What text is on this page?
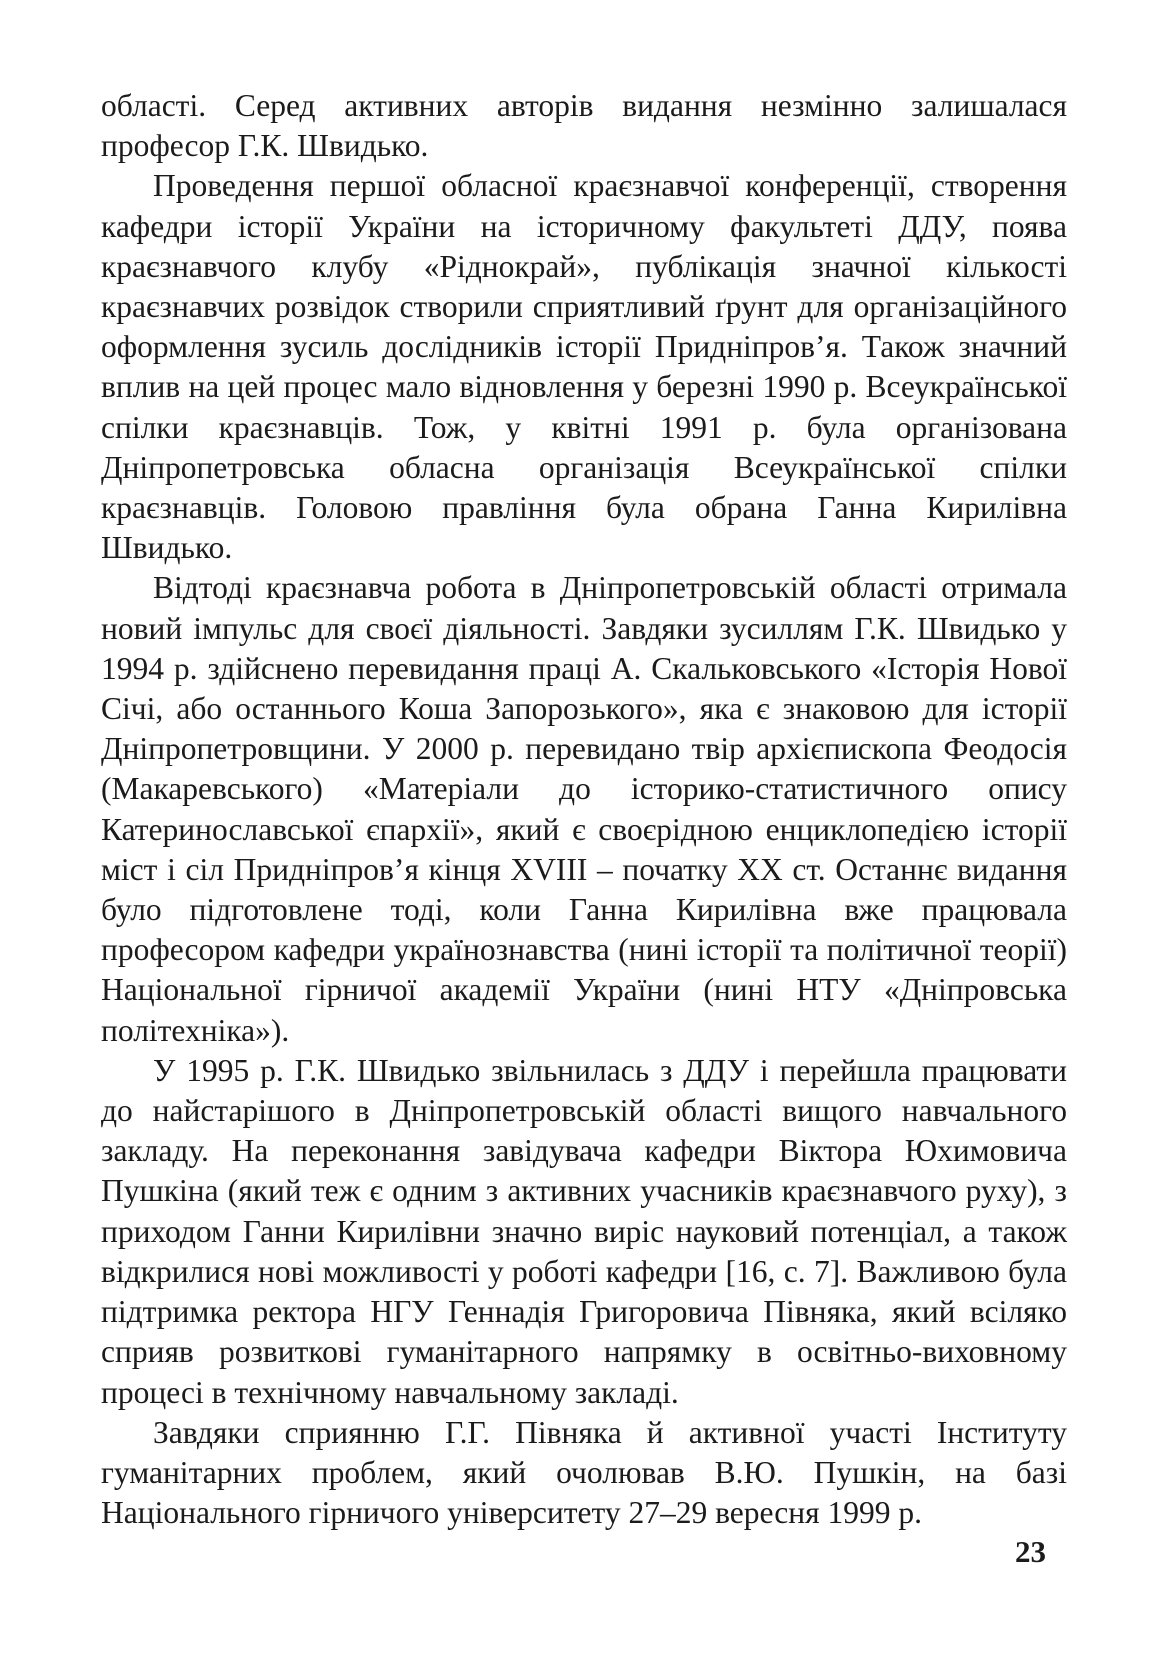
області. Серед активних авторів видання незмінно залишалася професор Г.К. Швидько.

Проведення першої обласної краєзнавчої конференції, створення кафедри історії України на історичному факультеті ДДУ, поява краєзнавчого клубу «Ріднокрай», публікація значної кількості краєзнавчих розвідок створили сприятливий ґрунт для організаційного оформлення зусиль дослідників історії Придніпров’я. Також значний вплив на цей процес мало відновлення у березні 1990 р. Всеукраїнської спілки краєзнавців. Тож, у квітні 1991 р. була організована Дніпропетровська обласна організація Всеукраїнської спілки краєзнавців. Головою правління була обрана Ганна Кирилівна Швидько.

Відтоді краєзнавча робота в Дніпропетровській області отримала новий імпульс для своєї діяльності. Завдяки зусиллям Г.К. Швидько у 1994 р. здійснено перевидання праці А. Скальковського «Історія Нової Січі, або останнього Коша Запорозького», яка є знаковою для історії Дніпропетровщини. У 2000 р. перевидано твір архієпископа Феодосія (Макаревського) «Матеріали до історико-статистичного опису Катеринославської єпархії», який є своєрідною енциклопедією історії міст і сіл Придніпров’я кінця XVIII – початку XX ст. Останнє видання було підготовлене тоді, коли Ганна Кирилівна вже працювала професором кафедри українознавства (нині історії та політичної теорії) Національної гірничої академії України (нині НТУ «Дніпровська політехніка»).

У 1995 р. Г.К. Швидько звільнилась з ДДУ і перейшла працювати до найстарішого в Дніпропетровській області вищого навчального закладу. На переконання завідувача кафедри Віктора Юхимовича Пушкіна (який теж є одним з активних учасників краєзнавчого руху), з приходом Ганни Кирилівни значно виріс науковий потенціал, а також відкрилися нові можливості у роботі кафедри [16, с. 7]. Важливою була підтримка ректора НГУ Геннадія Григоровича Півняка, який всіляко сприяв розвиткові гуманітарного напрямку в освітньо-виховному процесі в технічному навчальному закладі.

Завдяки сприянню Г.Г. Півняка й активної участі Інституту гуманітарних проблем, який очолював В.Ю. Пушкін, на базі Національного гірничого університету 27–29 вересня 1999 р.

23
